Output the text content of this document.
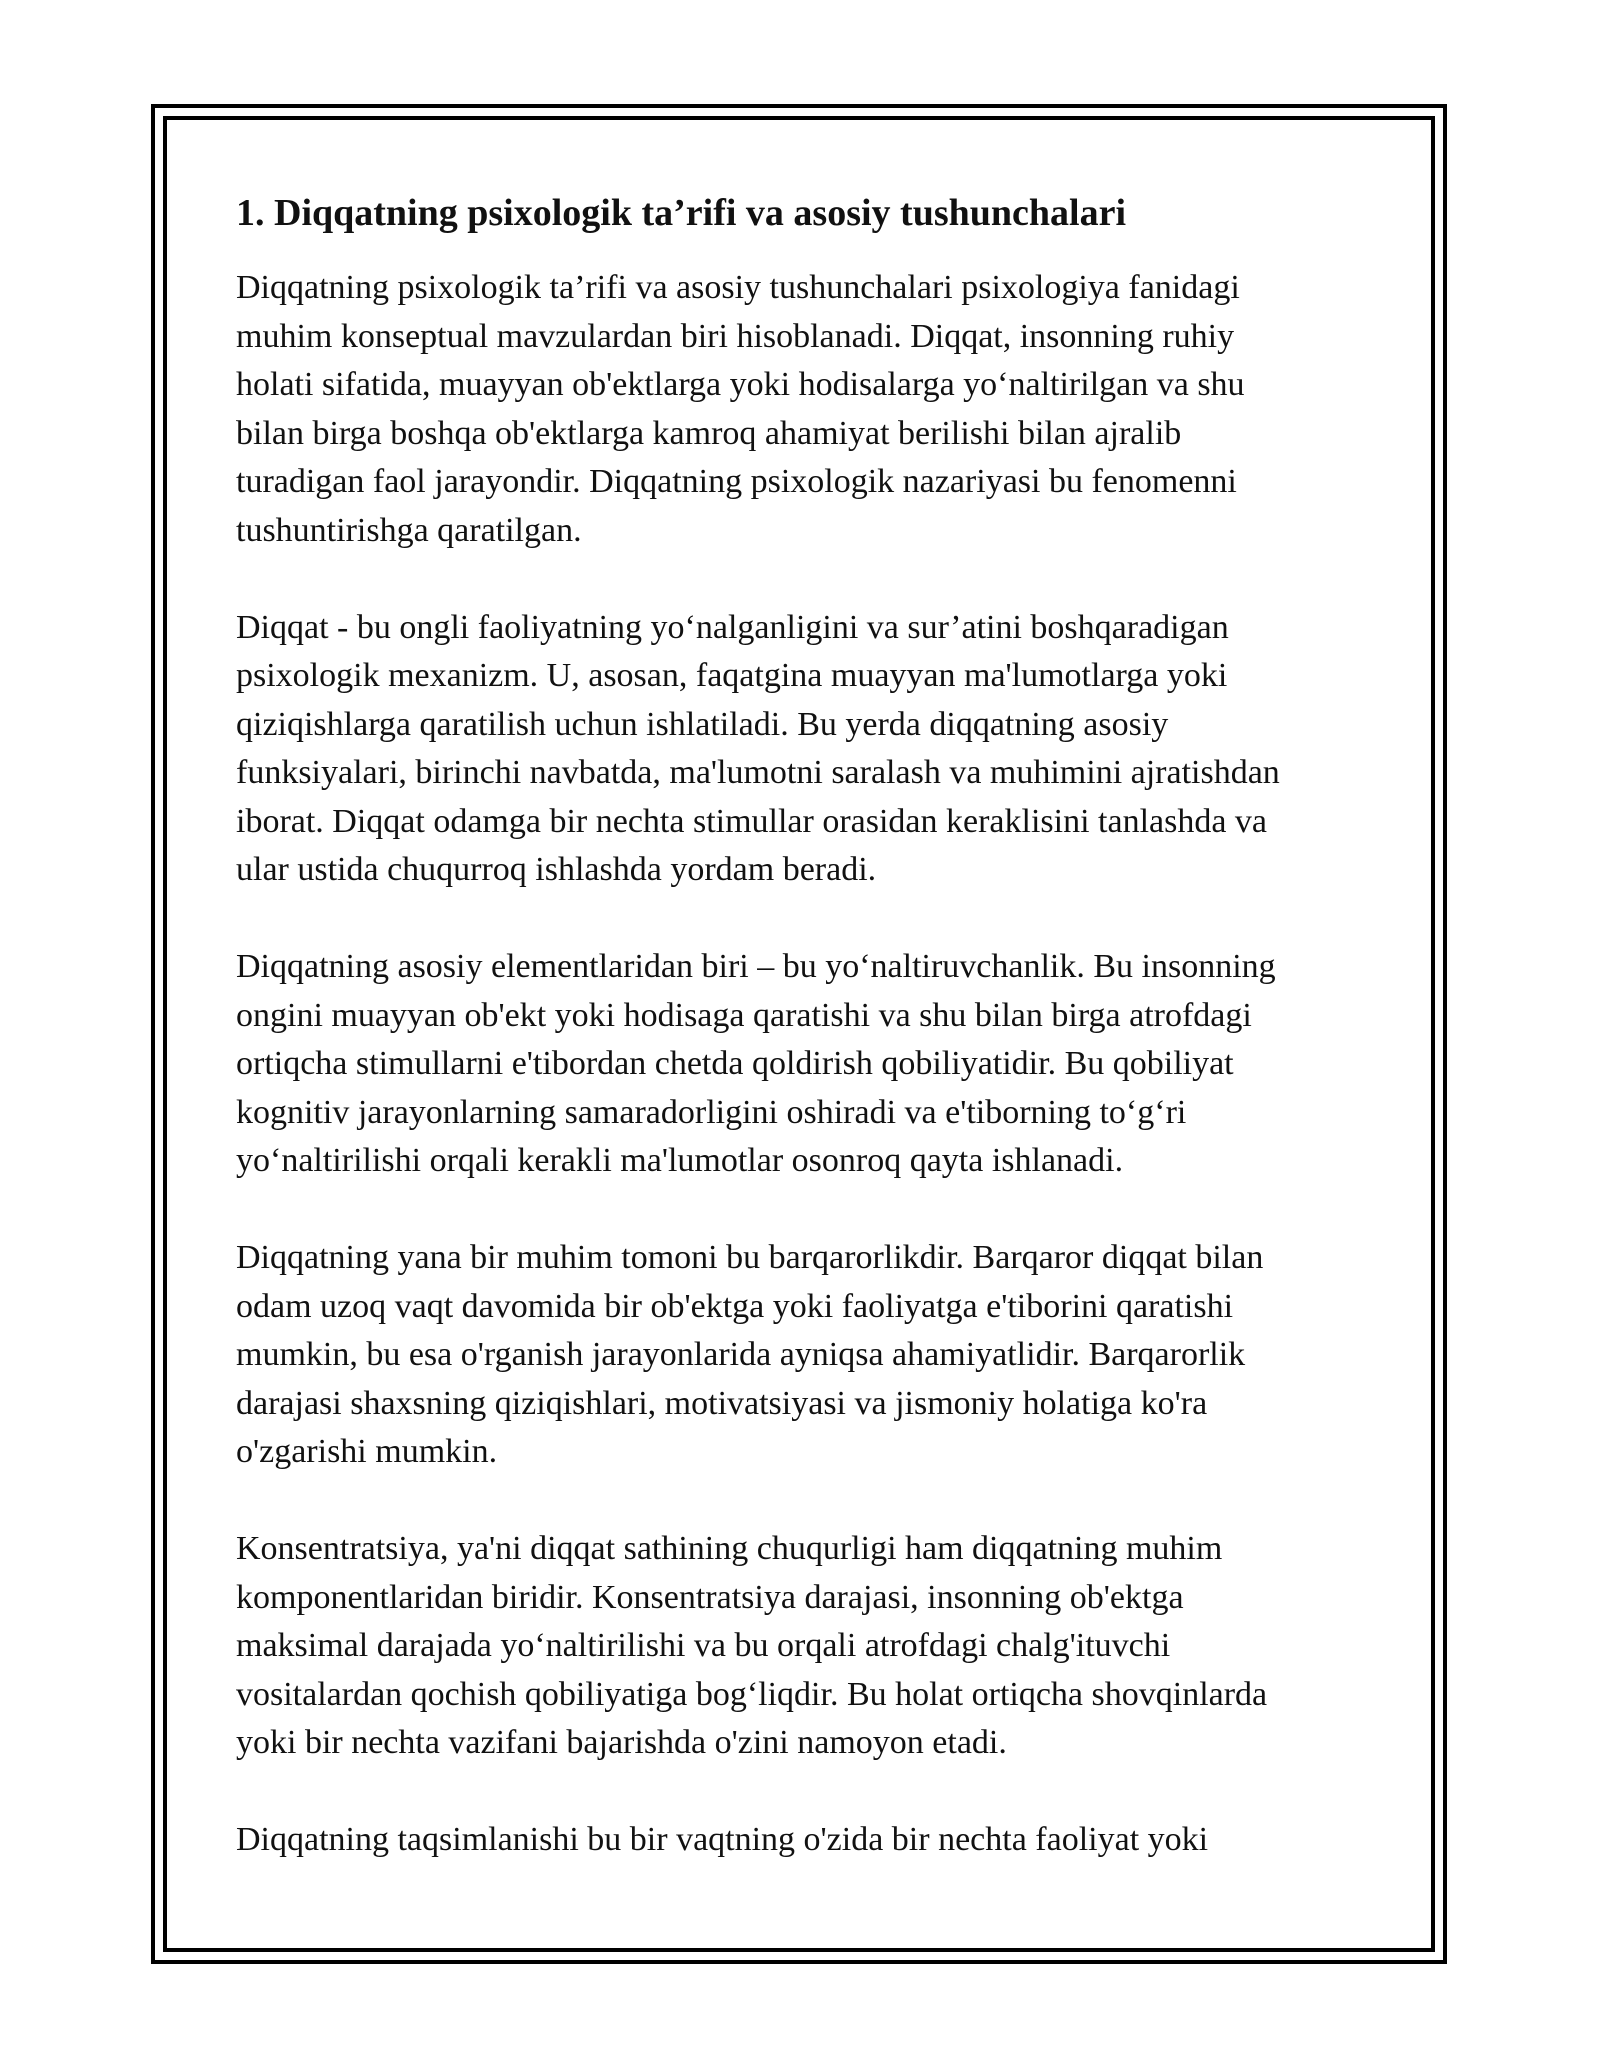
1. Diqqatning psixologik ta’rifi va asosiy tushunchalari
Diqqatning psixologik ta’rifi va asosiy tushunchalari psixologiya fanidagi
muhim konseptual mavzulardan biri hisoblanadi. Diqqat, insonning ruhiy
holati sifatida, muayyan ob'ektlarga yoki hodisalarga yo‘naltirilgan va shu
bilan birga boshqa ob'ektlarga kamroq ahamiyat berilishi bilan ajralib
turadigan faol jarayondir. Diqqatning psixologik nazariyasi bu fenomenni
tushuntirishga qaratilgan.
Diqqat - bu ongli faoliyatning yo‘nalganligini va sur’atini boshqaradigan
psixologik mexanizm. U, asosan, faqatgina muayyan ma'lumotlarga yoki
qiziqishlarga qaratilish uchun ishlatiladi. Bu yerda diqqatning asosiy
funksiyalari, birinchi navbatda, ma'lumotni saralash va muhimini ajratishdan
iborat. Diqqat odamga bir nechta stimullar orasidan keraklisini tanlashda va
ular ustida chuqurroq ishlashda yordam beradi.
Diqqatning asosiy elementlaridan biri – bu yo‘naltiruvchanlik. Bu insonning
ongini muayyan ob'ekt yoki hodisaga qaratishi va shu bilan birga atrofdagi
ortiqcha stimullarni e'tibordan chetda qoldirish qobiliyatidir. Bu qobiliyat
kognitiv jarayonlarning samaradorligini oshiradi va e'tiborning to‘g‘ri
yo‘naltirilishi orqali kerakli ma'lumotlar osonroq qayta ishlanadi.
Diqqatning yana bir muhim tomoni bu barqarorlikdir. Barqaror diqqat bilan
odam uzoq vaqt davomida bir ob'ektga yoki faoliyatga e'tiborini qaratishi
mumkin, bu esa o'rganish jarayonlarida ayniqsa ahamiyatlidir. Barqarorlik
darajasi shaxsning qiziqishlari, motivatsiyasi va jismoniy holatiga ko'ra
o'zgarishi mumkin.
Konsentratsiya, ya'ni diqqat sathining chuqurligi ham diqqatning muhim
komponentlaridan biridir. Konsentratsiya darajasi, insonning ob'ektga
maksimal darajada yo‘naltirilishi va bu orqali atrofdagi chalg'ituvchi
vositalardan qochish qobiliyatiga bog‘liqdir. Bu holat ortiqcha shovqinlarda
yoki bir nechta vazifani bajarishda o'zini namoyon etadi.
Diqqatning taqsimlanishi bu bir vaqtning o'zida bir nechta faoliyat yoki
